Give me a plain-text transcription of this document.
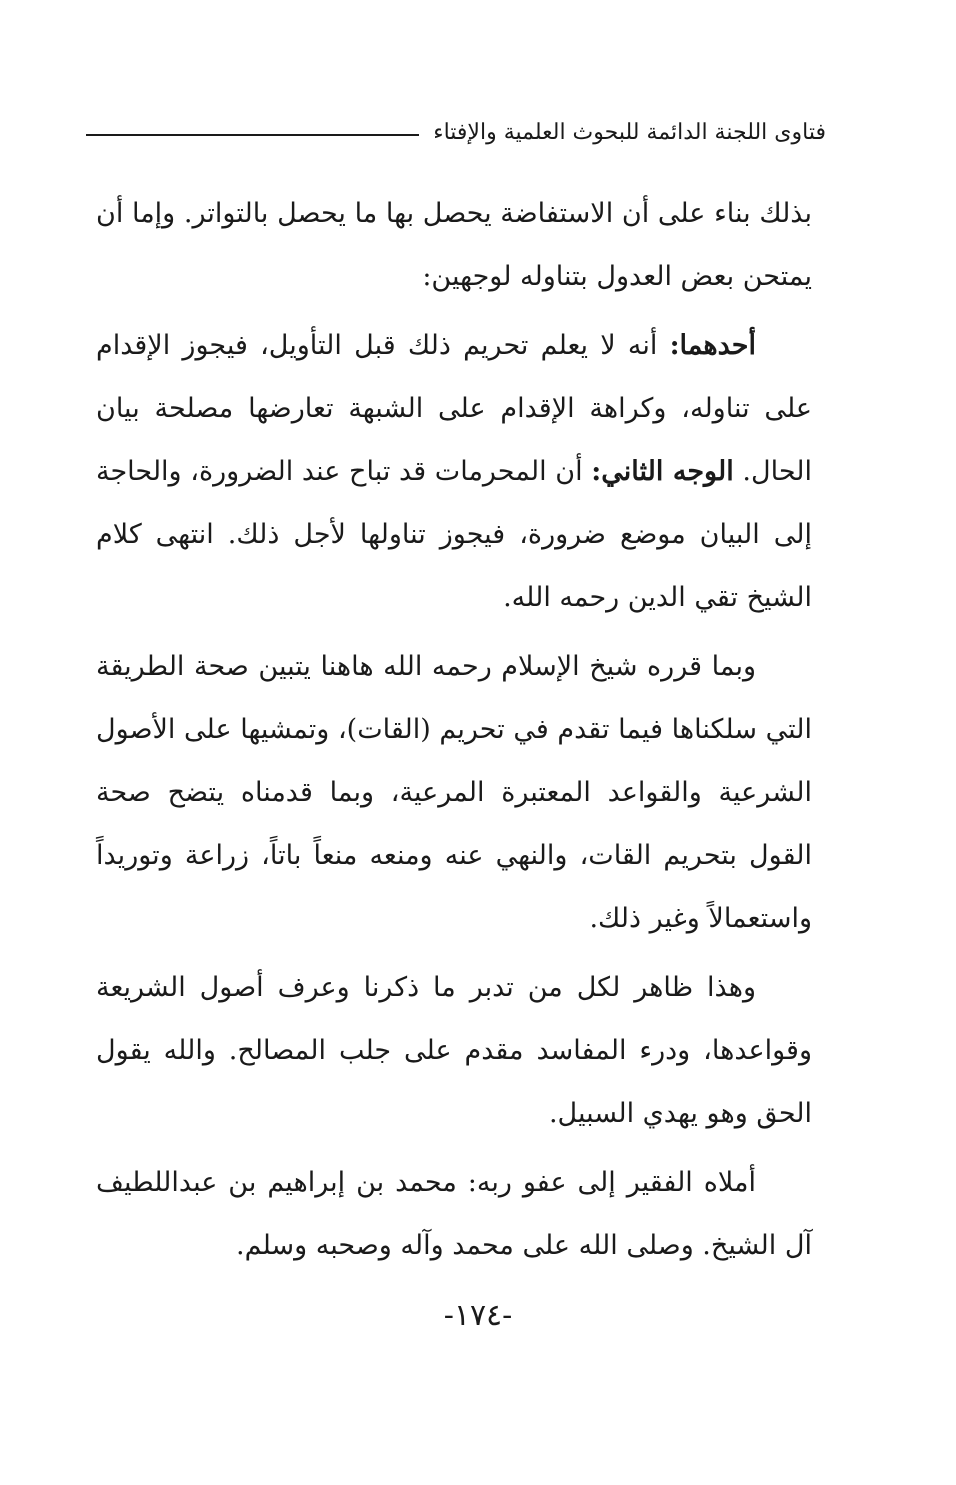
فتاوى اللجنة الدائمة للبحوث العلمية والإفتاء

بذلك بناء على أن الاستفاضة يحصل بها ما يحصل بالتواتر. وإما أن يمتحن بعض العدول بتناوله لوجهين:

أحدهما: أنه لا يعلم تحريم ذلك قبل التأويل، فيجوز الإقدام على تناوله، وكراهة الإقدام على الشبهة تعارضها مصلحة بيان الحال. الوجه الثاني: أن المحرمات قد تباح عند الضرورة، والحاجة إلى البيان موضع ضرورة، فيجوز تناولها لأجل ذلك. انتهى كلام الشيخ تقي الدين رحمه الله.

وبما قرره شيخ الإسلام رحمه الله هاهنا يتبين صحة الطريقة التي سلكناها فيما تقدم في تحريم (القات)، وتمشيها على الأصول الشرعية والقواعد المعتبرة المرعية، وبما قدمناه يتضح صحة القول بتحريم القات، والنهي عنه ومنعه منعاً باتاً، زراعة وتوريداً واستعمالاً وغير ذلك.

وهذا ظاهر لكل من تدبر ما ذكرنا وعرف أصول الشريعة وقواعدها، ودرء المفاسد مقدم على جلب المصالح. والله يقول الحق وهو يهدي السبيل.

أملاه الفقير إلى عفو ربه: محمد بن إبراهيم بن عبداللطيف آل الشيخ. وصلى الله على محمد وآله وصحبه وسلم.

-١٧٤-
